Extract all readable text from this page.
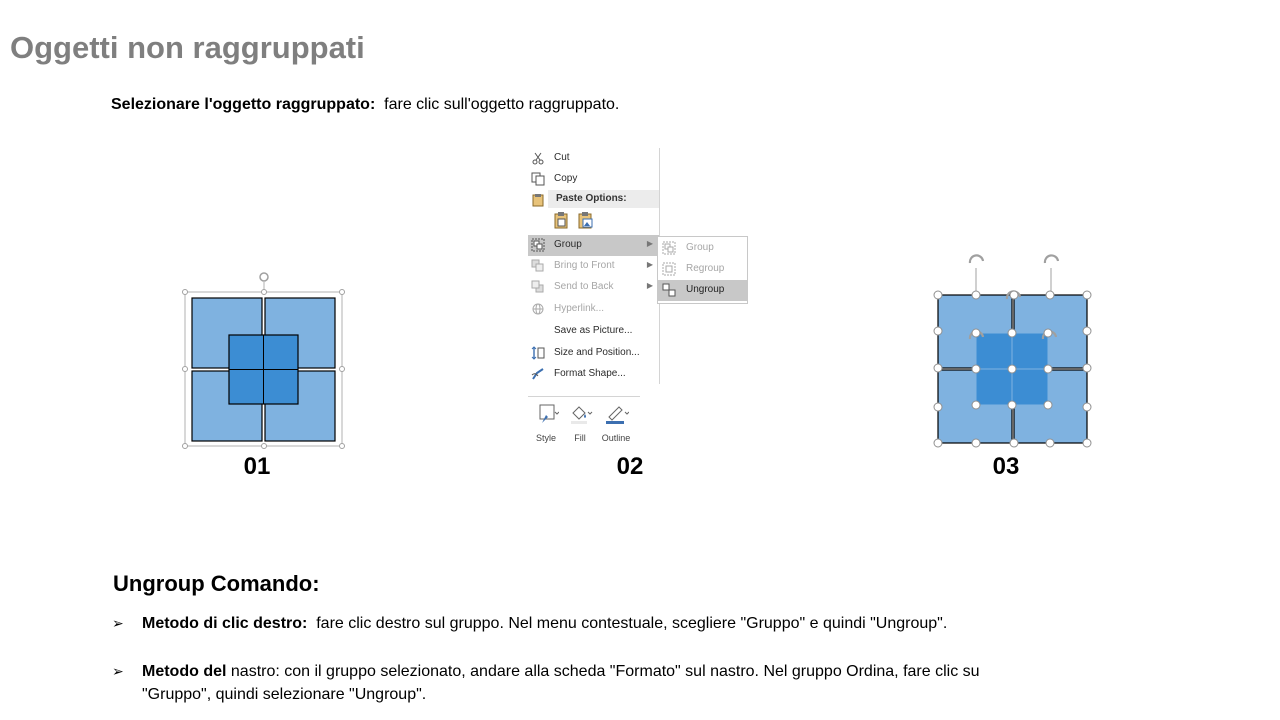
Oggetti non raggruppati
Selezionare l'oggetto raggruppato: fare clic sull'oggetto raggruppato.
01
Cut
Copy
Paste Options:
Group	▶
Bring to Front	▶
Send to Back	▶
Hyperlink...
Save as Picture...
Size and Position...
Format Shape...
Group
Regroup
Ungroup
Style	Fill	Outline
02	03
Ungroup Comando:
➢ Metodo di clic destro: fare clic destro sul gruppo. Nel menu contestuale, scegliere "Gruppo" e quindi "Ungroup".
➢ Metodo del nastro: con il gruppo selezionato, andare alla scheda "Formato" sul nastro. Nel gruppo Ordina, fare clic su "Gruppo", quindi selezionare "Ungroup".
